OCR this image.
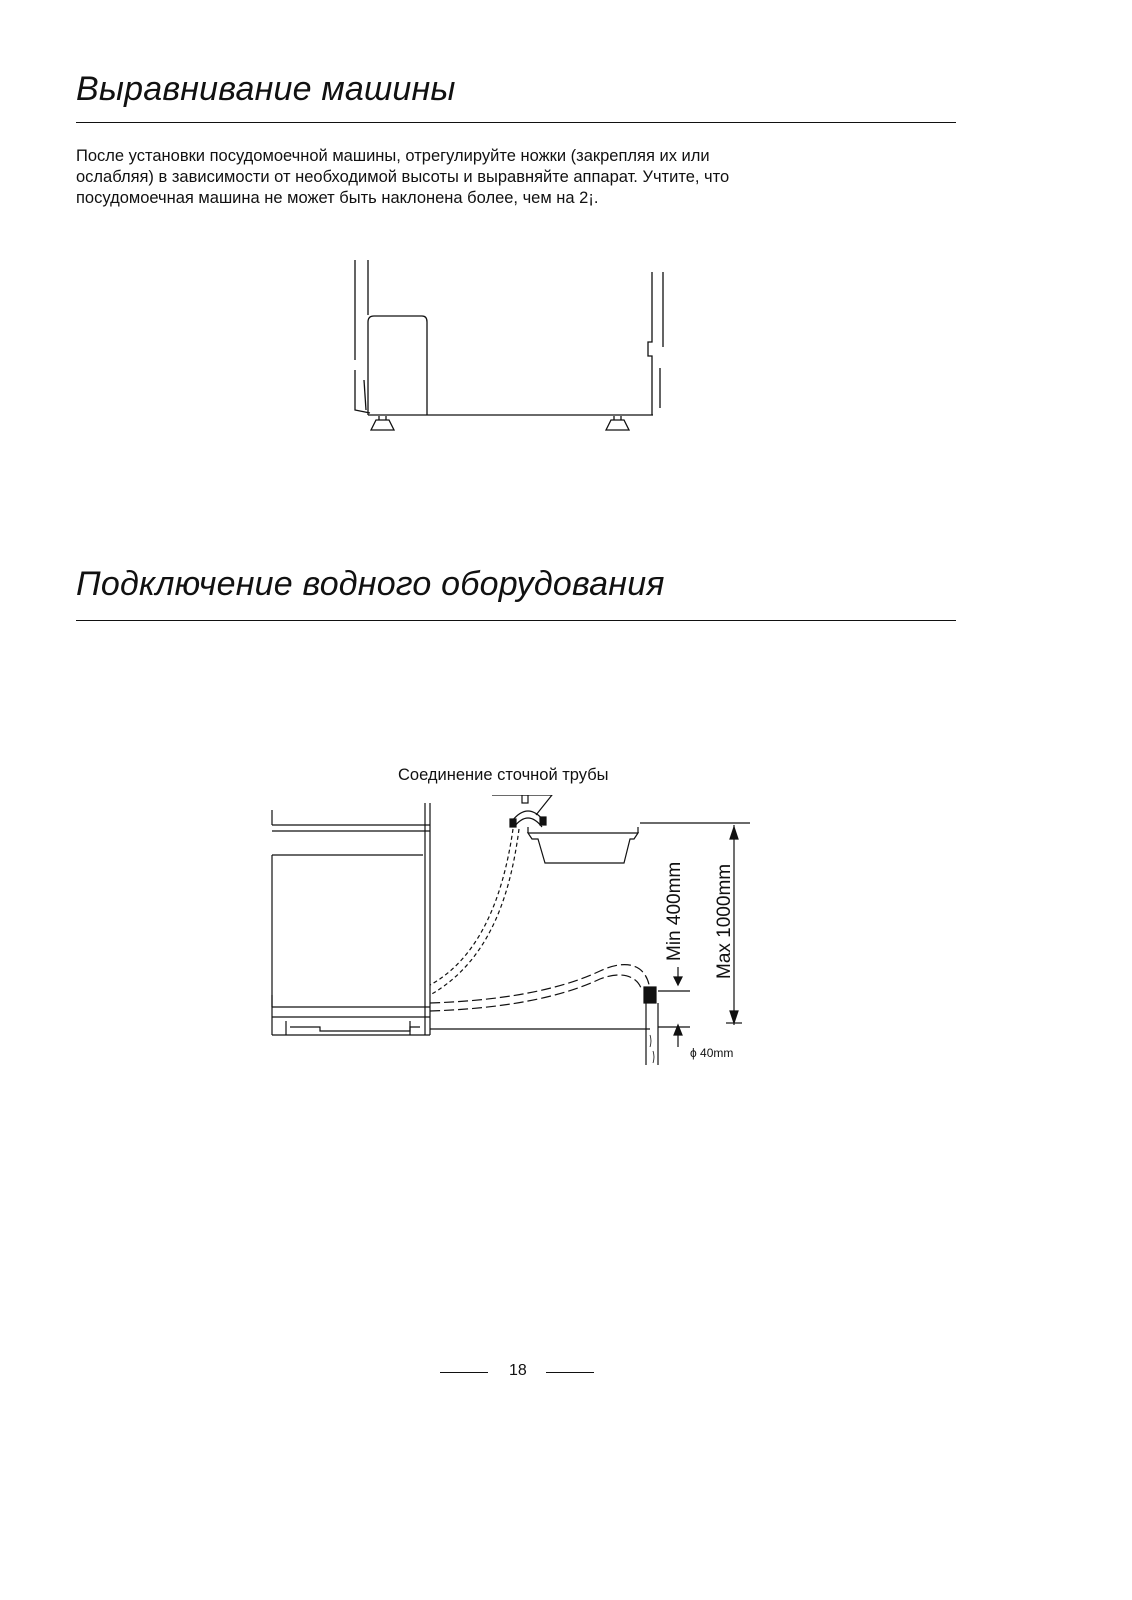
Выравнивание машины

После установки посудомоечной машины, отрегулируйте ножки (закрепляя их или
ослабляя) в зависимости от необходимой высоты и выравняйте аппарат. Учтите, что
посудомоечная машина не может быть наклонена более, чем на 2¡.

Подключение водного оборудования
Соединение сточной трубы
Min 400mm Max 1000mm
ϕ 40mm
18
